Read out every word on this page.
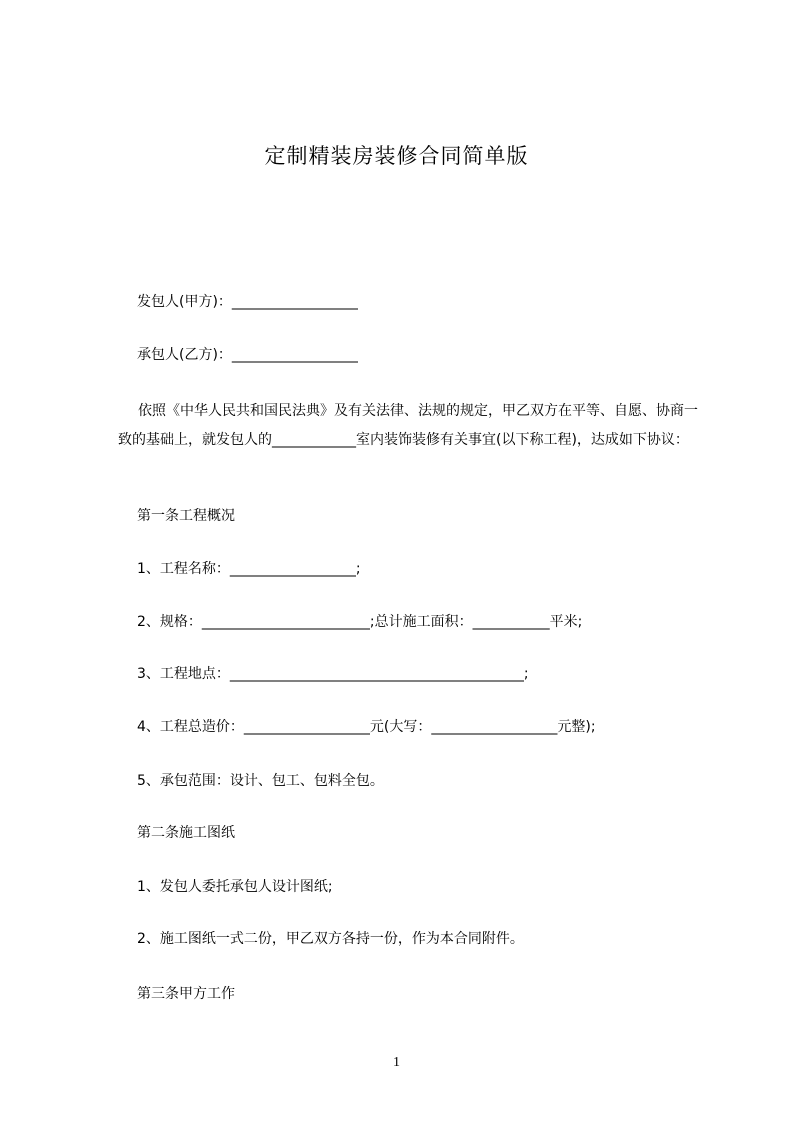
定制精装房装修合同简单版
发包人(甲方)：__________________
承包人(乙方)：__________________
依照《中华人民共和国民法典》及有关法律、法规的规定，甲乙双方在平等、自愿、协商一致的基础上，就发包人的____________室内装饰装修有关事宜(以下称工程)，达成如下协议：
第一条工程概况
1、工程名称：__________________;
2、规格：________________________;总计施工面积：___________平米;
3、工程地点：__________________________________________;
4、工程总造价：__________________元(大写：__________________元整);
5、承包范围：设计、包工、包料全包。
第二条施工图纸
1、发包人委托承包人设计图纸;
2、施工图纸一式二份，甲乙双方各持一份，作为本合同附件。
第三条甲方工作
1
